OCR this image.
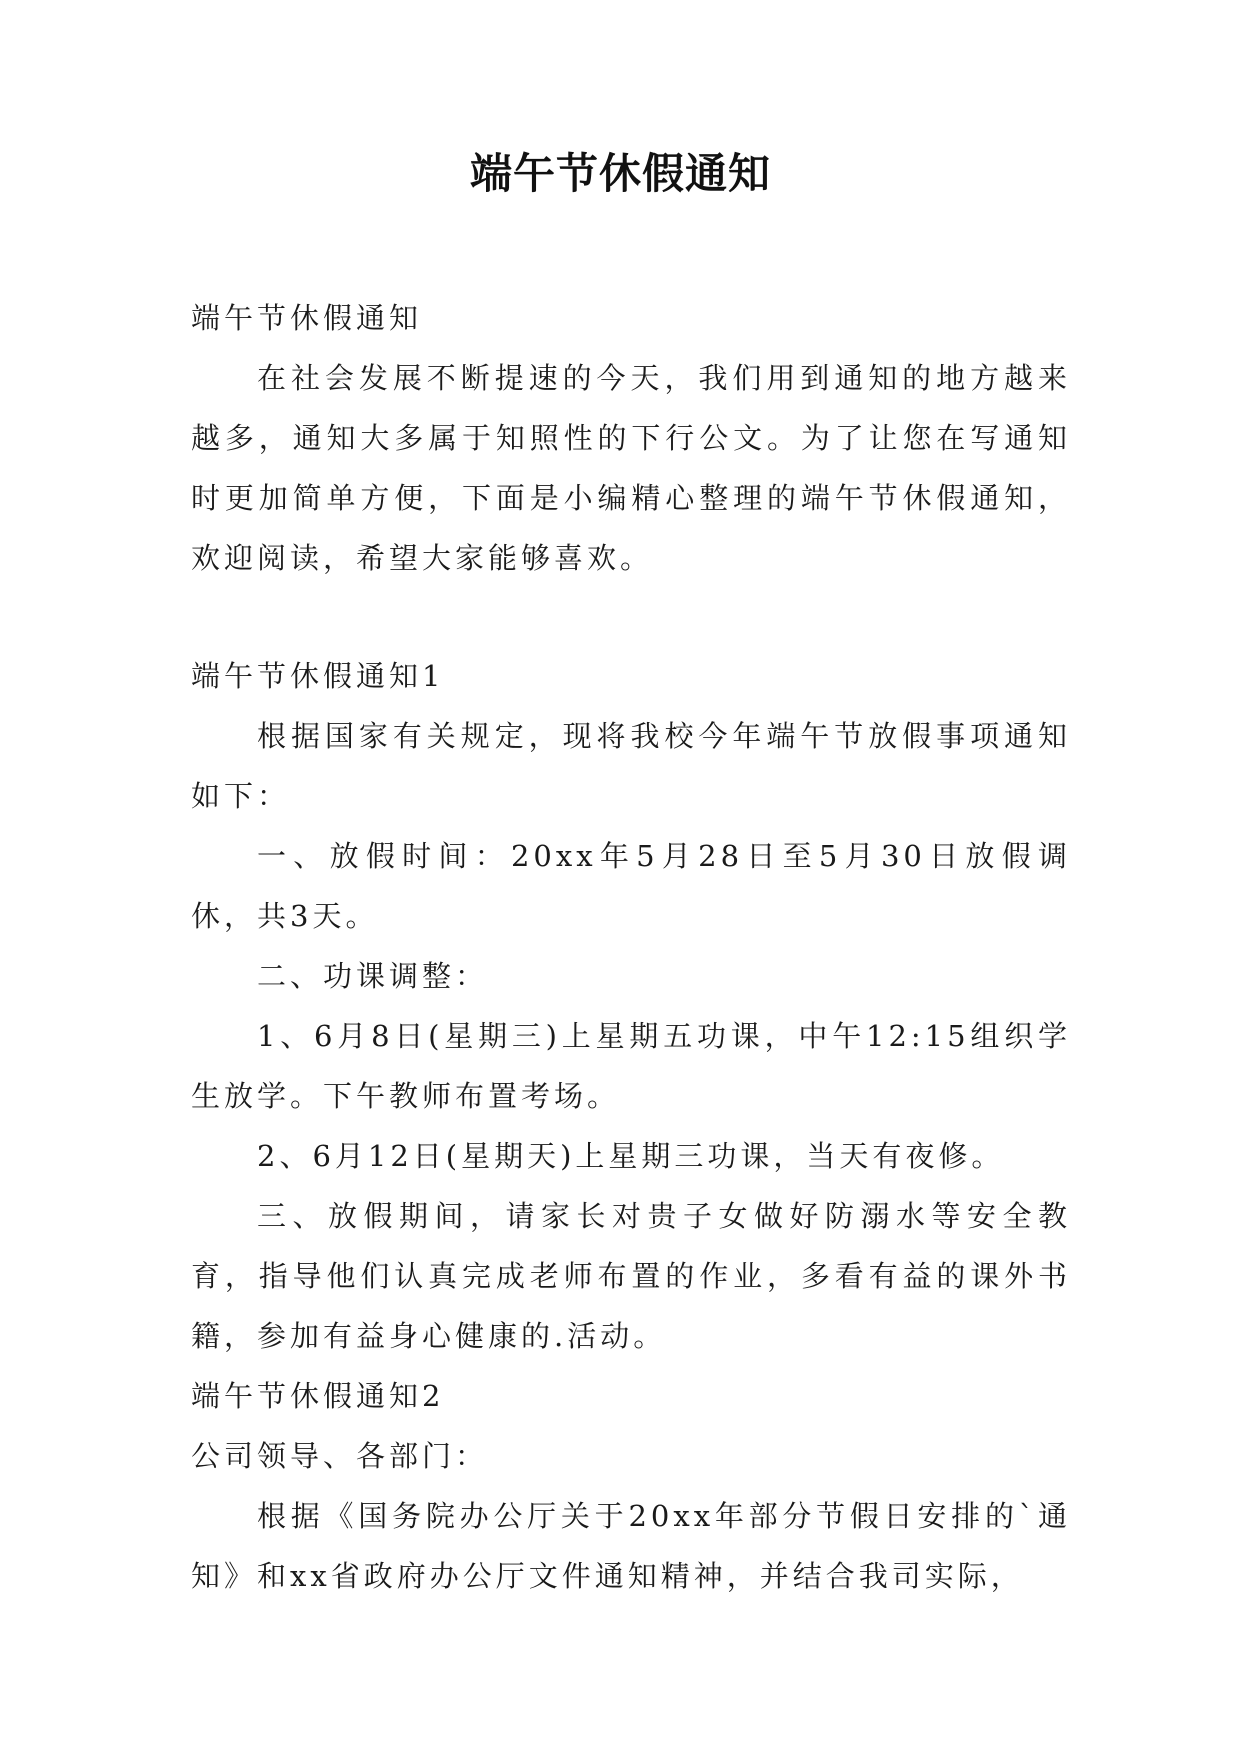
端午节休假通知

端午节休假通知

在社会发展不断提速的今天，我们用到通知的地方越来越多，通知大多属于知照性的下行公文。为了让您在写通知时更加简单方便，下面是小编精心整理的端午节休假通知，欢迎阅读，希望大家能够喜欢。

端午节休假通知1

根据国家有关规定，现将我校今年端午节放假事项通知如下：

一、放假时间：20xx年5月28日至5月30日放假调休，共3天。

二、功课调整：

1、6月8日(星期三)上星期五功课，中午12:15组织学生放学。下午教师布置考场。

2、6月12日(星期天)上星期三功课，当天有夜修。

三、放假期间，请家长对贵子女做好防溺水等安全教育，指导他们认真完成老师布置的作业，多看有益的课外书籍，参加有益身心健康的.活动。

端午节休假通知2

公司领导、各部门：

根据《国务院办公厅关于20xx年部分节假日安排的`通知》和xx省政府办公厅文件通知精神，并结合我司实际，
